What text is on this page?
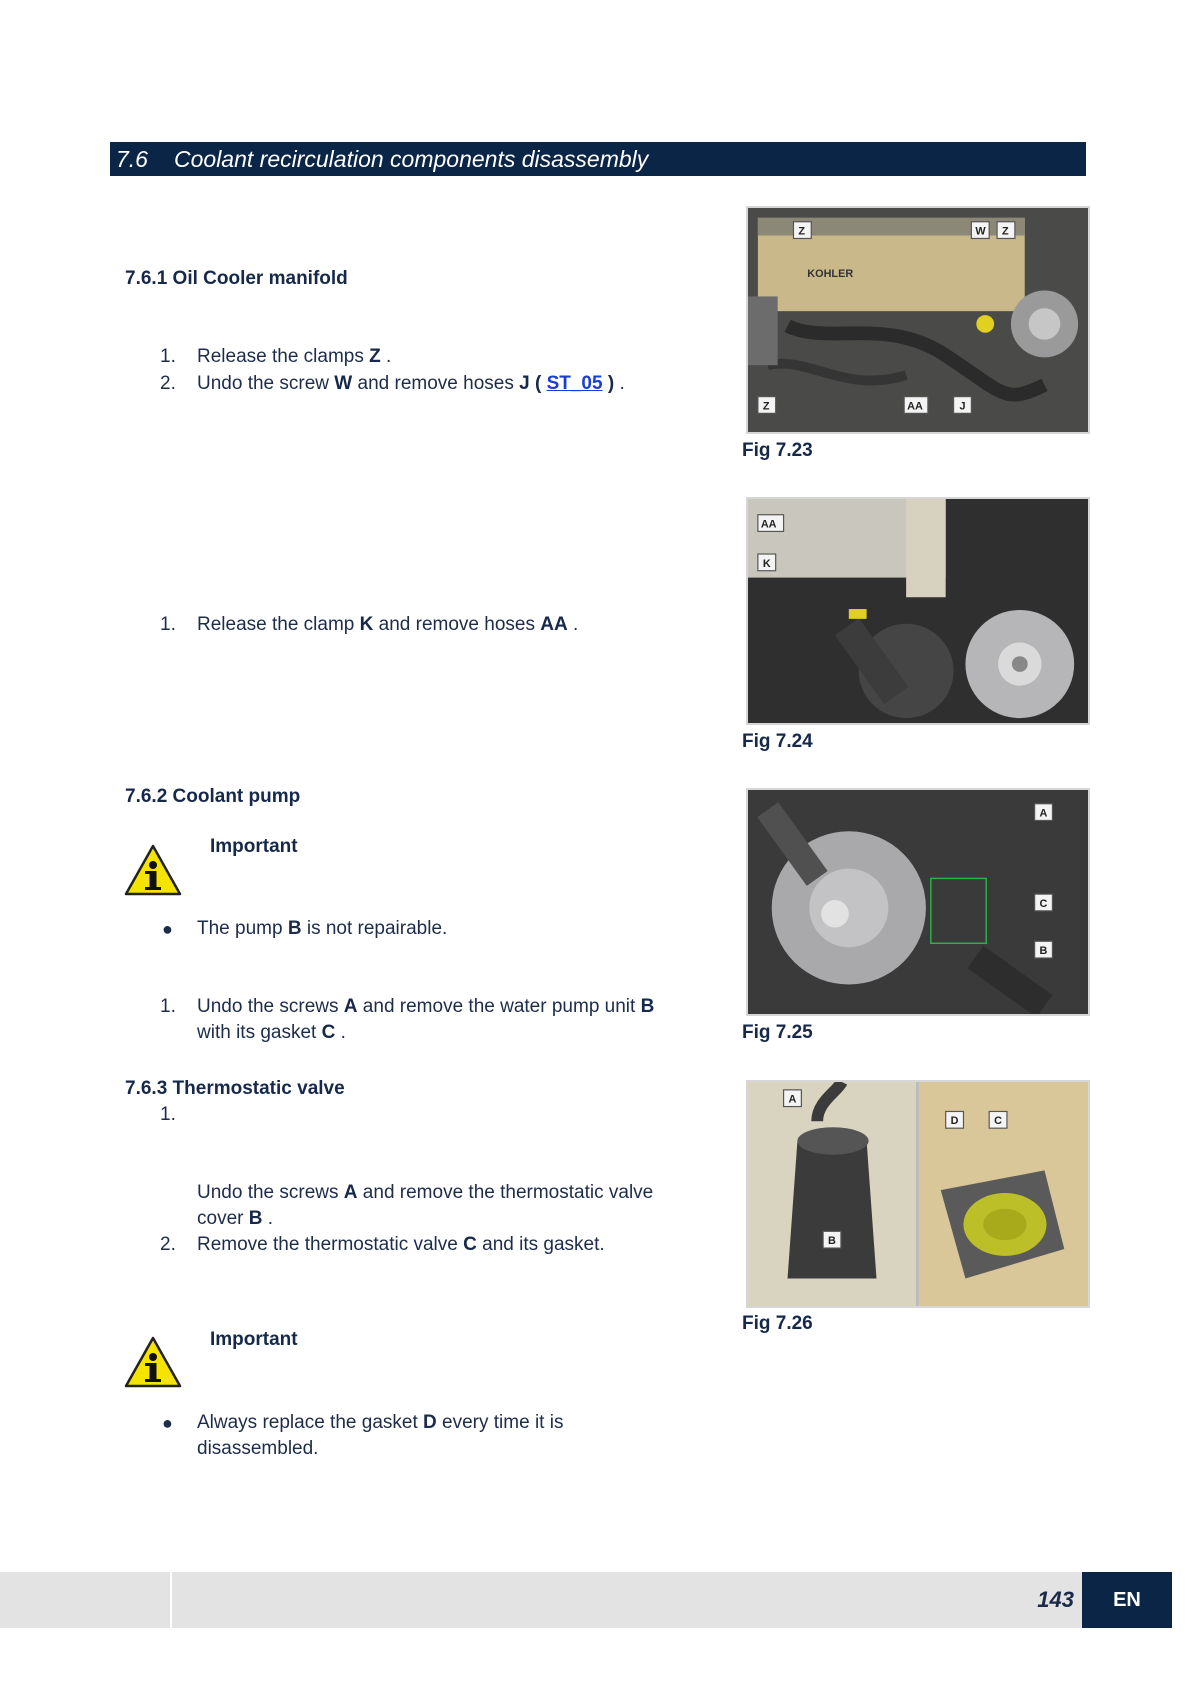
7.6 Coolant recirculation components disassembly
7.6.1 Oil Cooler manifold
1. Release the clamps Z .
2. Undo the screw W and remove hoses J ( ST_05 ) .
1. Release the clamp K and remove hoses AA .
7.6.2 Coolant pump
Important
● The pump B is not repairable.
1. Undo the screws A and remove the water pump unit B
with its gasket C .
7.6.3 Thermostatic valve
1.
Undo the screws A and remove the thermostatic valve
cover B .
2. Remove the thermostatic valve C and its gasket.
Important
● Always replace the gasket D every time it is
disassembled.
KOHLER
Z	W Z
Z	AA	J
Fig 7.23
AA
K
Fig 7.24
A
C
B
Fig 7.25
A
B
D	C
Fig 7.26
143	EN
